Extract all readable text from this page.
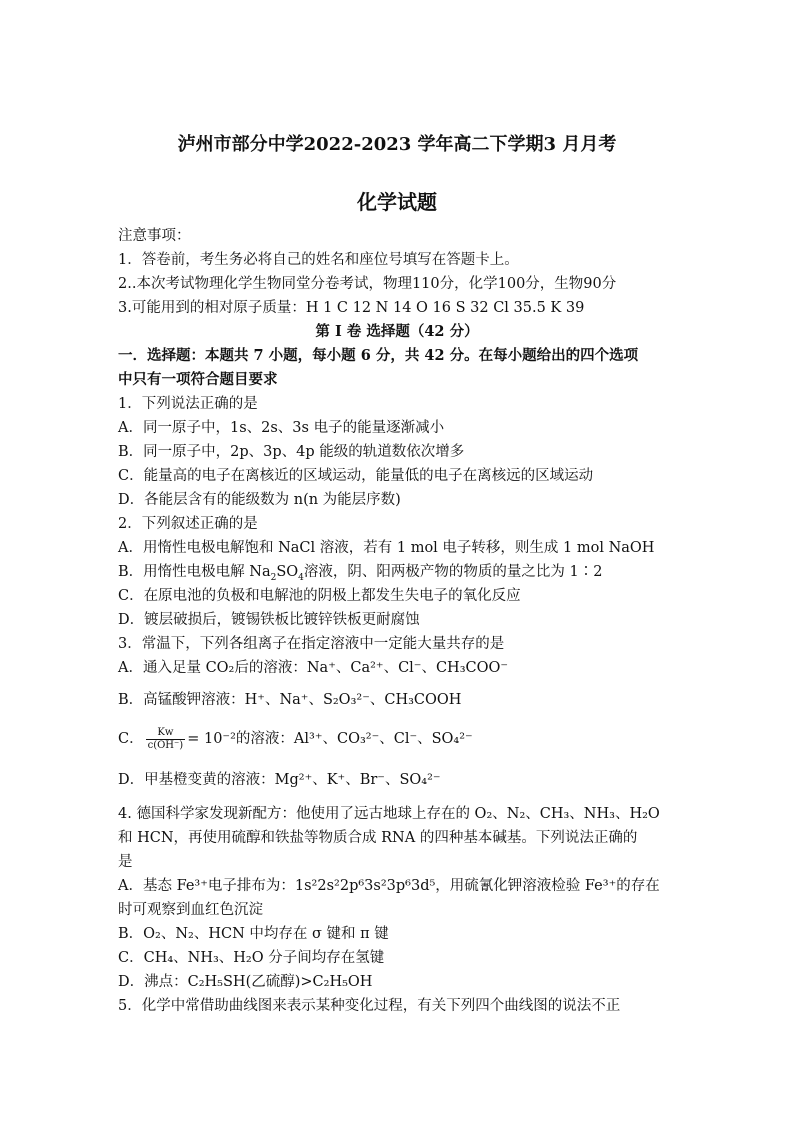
泸州市部分中学2022-2023 学年高二下学期3 月月考
化学试题
注意事项：
1．答卷前，考生务必将自己的姓名和座位号填写在答题卡上。
2..本次考试物理化学生物同堂分卷考试，物理110分，化学100分，生物90分
3.可能用到的相对原子质量：H 1 C 12 N 14 O 16 S 32 Cl 35.5 K 39
第 I 卷 选择题（42 分）
一．选择题：本题共 7 小题，每小题 6 分，共 42 分。在每小题给出的四个选项
中只有一项符合题目要求
1．下列说法正确的是
A．同一原子中，1s、2s、3s 电子的能量逐渐减小
B．同一原子中，2p、3p、4p 能级的轨道数依次增多
C．能量高的电子在离核近的区域运动，能量低的电子在离核远的区域运动
D．各能层含有的能级数为 n(n 为能层序数)
2．下列叙述正确的是
A．用惰性电极电解饱和 NaCl 溶液，若有 1 mol 电子转移，则生成 1 mol NaOH
B．用惰性电极电解 $Na_2SO_4$溶液，阴、阳两极产物的物质的量之比为 1∶2
C．在原电池的负极和电解池的阴极上都发生失电子的氧化反应
D．镀层破损后，镀锡铁板比镀锌铁板更耐腐蚀
3．常温下，下列各组离子在指定溶液中一定能大量共存的是
A．通入足量 CO₂后的溶液：Na⁺、Ca²⁺、Cl⁻、CH₃COO⁻
B．高锰酸钾溶液：H⁺、Na⁺、S₂O₃²⁻、CH₃COOH
C． $\frac{Kw}{c(OH^-)} = 10^{-2}$的溶液：Al³⁺、CO₃²⁻、Cl⁻、SO₄²⁻
D．甲基橙变黄的溶液：Mg²⁺、K⁺、Br⁻、SO₄²⁻
4. 德国科学家发现新配方：他使用了远古地球上存在的 O₂、N₂、CH₃、NH₃、H₂O
和 HCN，再使用硫醇和铁盐等物质合成 RNA 的四种基本碱基。下列说法正确的
是
A．基态 Fe³⁺电子排布为：1s²2s²2p⁶3s²3p⁶3d⁵，用硫氰化钾溶液检验 Fe³⁺的存在
时可观察到血红色沉淀
B．O₂、N₂、HCN 中均存在 σ 键和 π 键
C．CH₄、NH₃、H₂O 分子间均存在氢键
D．沸点：C₂H₅SH(乙硫醇)>C₂H₅OH
5．化学中常借助曲线图来表示某种变化过程，有关下列四个曲线图的说法不正
